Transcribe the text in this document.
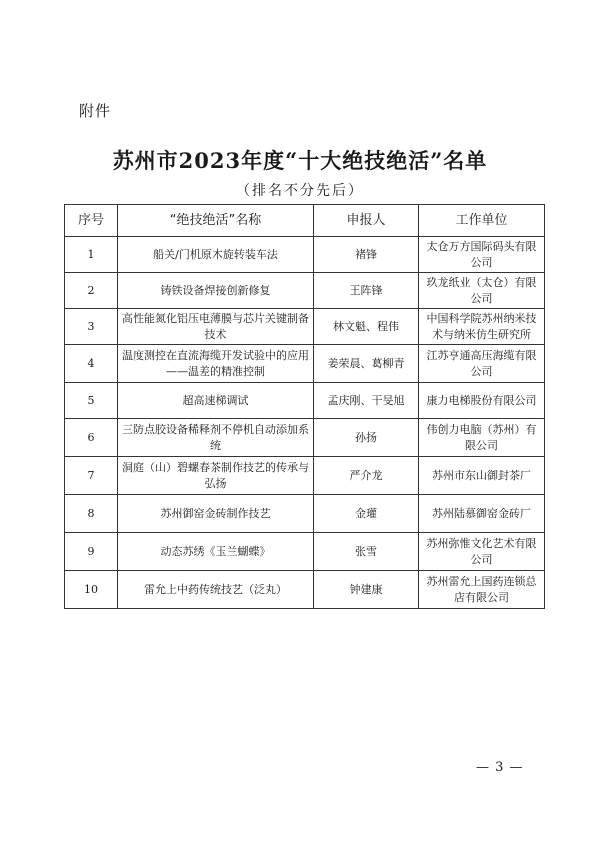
附件
苏州市2023年度“十大绝技绝活”名单
（排名不分先后）
序号	“绝技绝活”名称	申报人	工作单位
1	船关/门机原木旋转装车法	褚锋	太仓万方国际码头有限公司
2	铸铁设备焊接创新修复	王阵锋	玖龙纸业（太仓）有限公司
3	高性能氮化铝压电薄膜与芯片关键制备技术	林文魁、程伟	中国科学院苏州纳米技术与纳米仿生研究所
4	温度测控在直流海缆开发试验中的应用——温差的精准控制	姜荣晨、葛柳青	江苏亨通高压海缆有限公司
5	超高速梯调试	孟庆刚、干旻旭	康力电梯股份有限公司
6	三防点胶设备稀释剂不停机自动添加系统	孙扬	伟创力电脑（苏州）有限公司
7	洞庭（山）碧螺春茶制作技艺的传承与弘扬	严介龙	苏州市东山御封茶厂
8	苏州御窑金砖制作技艺	金瓘	苏州陆慕御窑金砖厂
9	动态苏绣《玉兰蝴蝶》	张雪	苏州弥惟文化艺术有限公司
10	雷允上中药传统技艺（泛丸）	钟建康	苏州雷允上国药连锁总店有限公司
— 3 —
